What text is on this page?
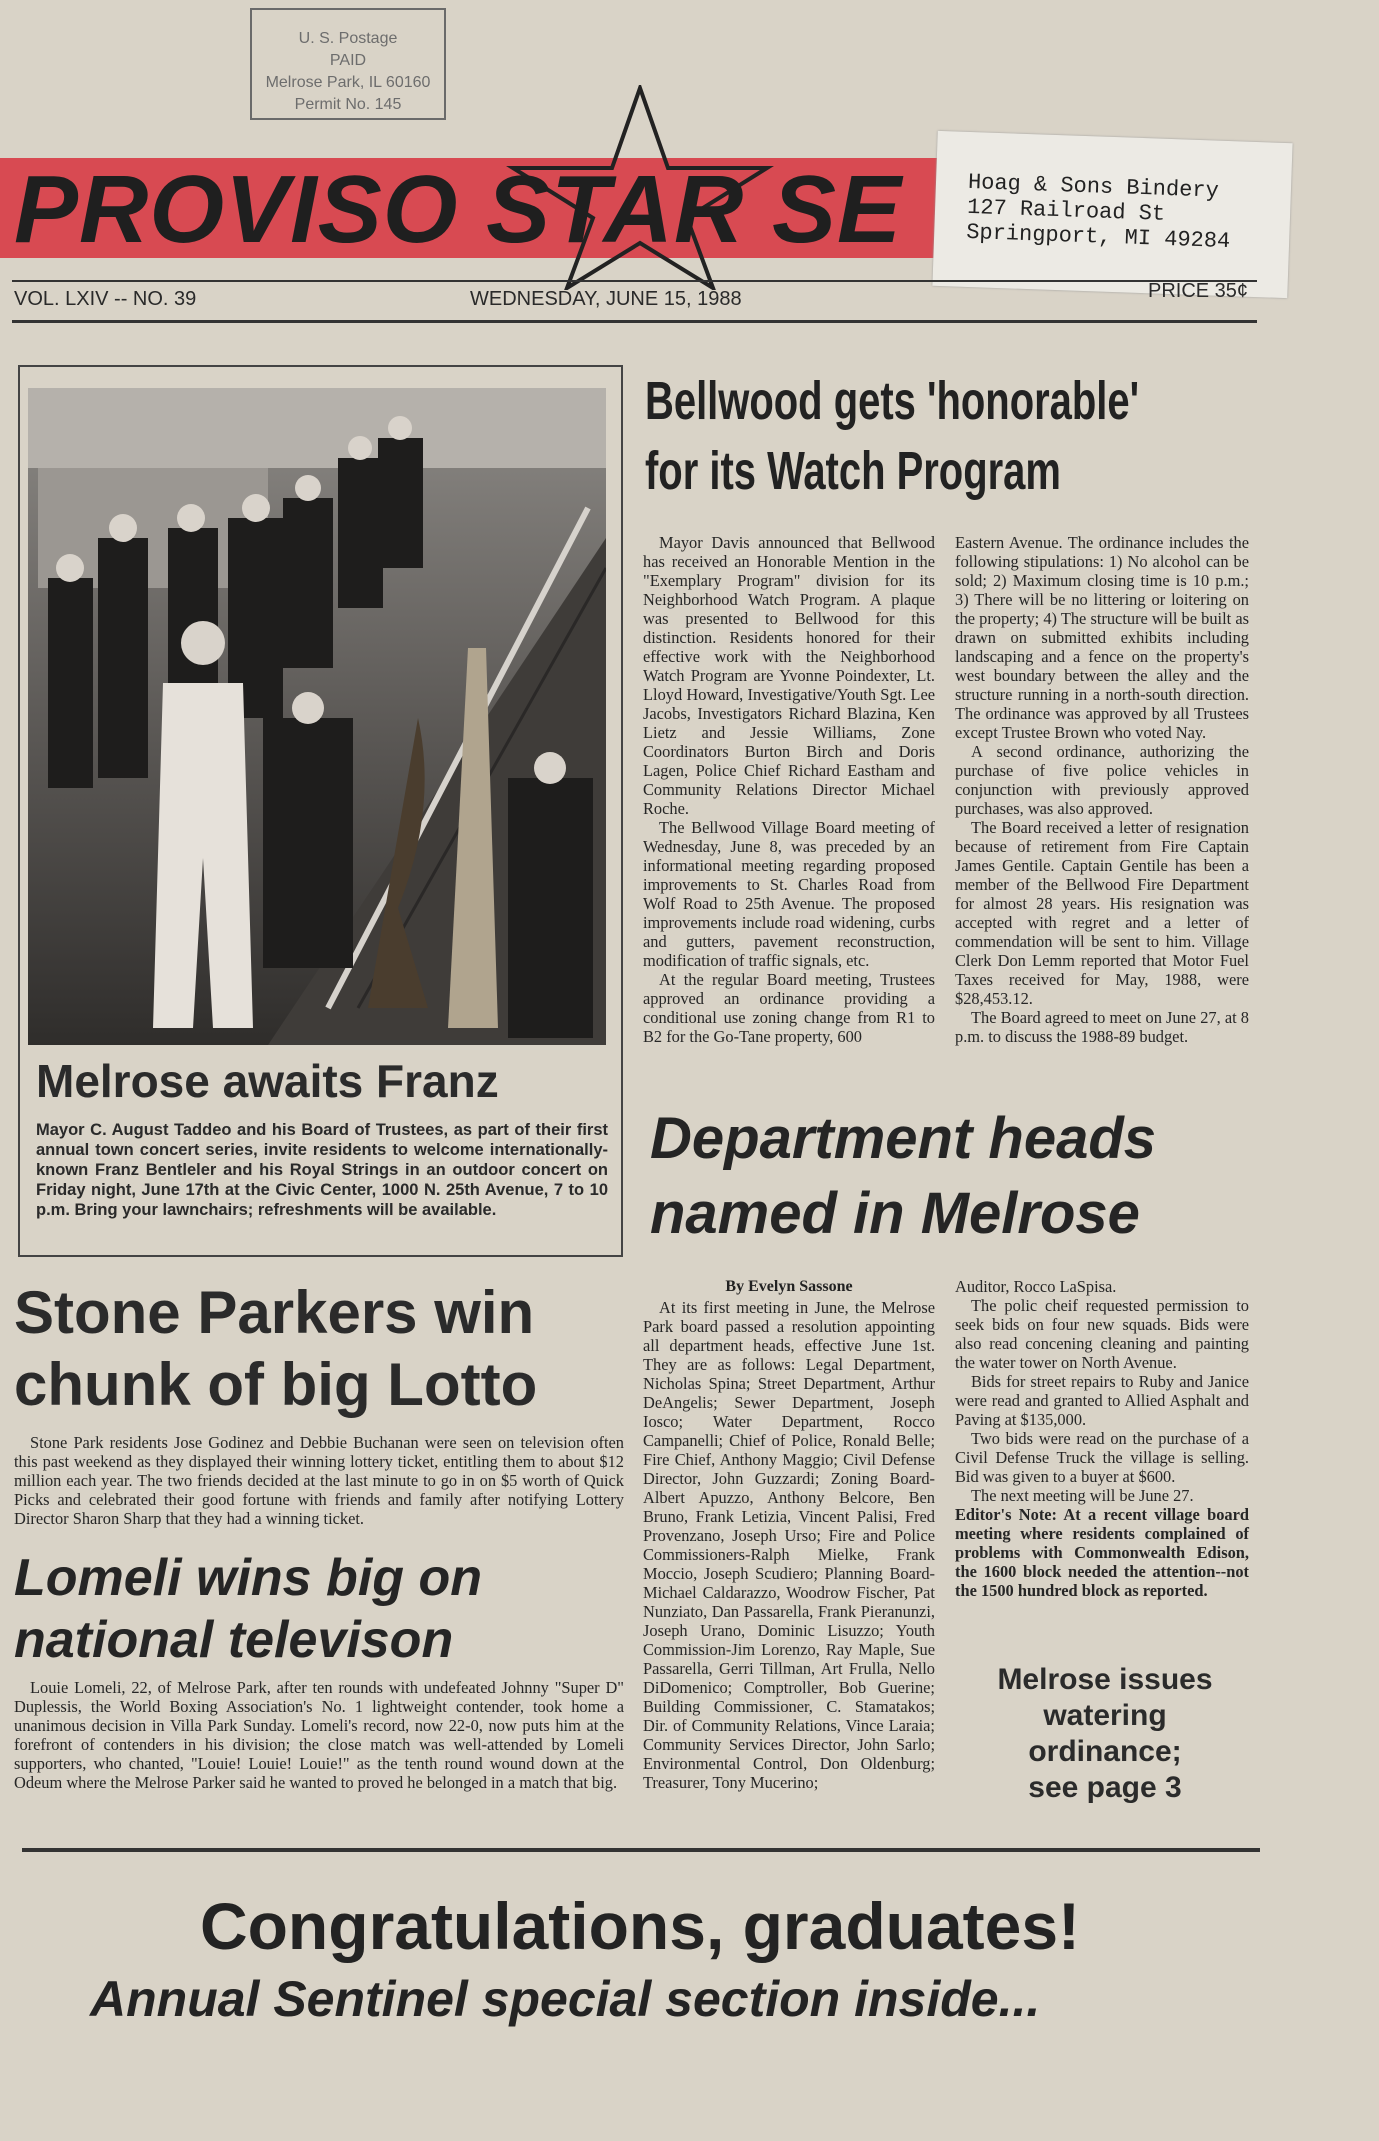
U. S. Postage
PAID
Melrose Park, IL 60160
Permit No. 145
PROVISO STAR SE	Hoag & Sons Bindery
127 Railroad St
Springport, MI 49284
VOL. LXIV -- NO. 39	WEDNESDAY, JUNE 15, 1988	PRICE 35¢
Melrose awaits Franz
Mayor C. August Taddeo and his Board of Trustees, as part of their first annual town concert series, invite residents to welcome internationally-known Franz Bentleler and his Royal Strings in an outdoor concert on Friday night, June 17th at the Civic Center, 1000 N. 25th Avenue, 7 to 10 p.m. Bring your lawnchairs; refreshments will be available.
Bellwood gets 'honorable'
for its Watch Program

Mayor Davis announced that Bellwood has received an Honorable Mention in the "Exemplary Program" division for its Neighborhood Watch Program. A plaque was presented to Bellwood for this distinction. Residents honored for their effective work with the Neighborhood Watch Program are Yvonne Poindexter, Lt. Lloyd Howard, Investigative/Youth Sgt. Lee Jacobs, Investigators Richard Blazina, Ken Lietz and Jessie Williams, Zone Coordinators Burton Birch and Doris Lagen, Police Chief Richard Eastham and Community Relations Director Michael Roche.

The Bellwood Village Board meeting of Wednesday, June 8, was preceded by an informational meeting regarding proposed improvements to St. Charles Road from Wolf Road to 25th Avenue. The proposed improvements include road widening, curbs and gutters, pavement reconstruction, modification of traffic signals, etc.

At the regular Board meeting, Trustees approved an ordinance providing a conditional use zoning change from R1 to B2 for the Go-Tane property, 600

Eastern Avenue. The ordinance includes the following stipulations: 1) No alcohol can be sold; 2) Maximum closing time is 10 p.m.; 3) There will be no littering or loitering on the property; 4) The structure will be built as drawn on submitted exhibits including landscaping and a fence on the property's west boundary between the alley and the structure running in a north-south direction. The ordinance was approved by all Trustees except Trustee Brown who voted Nay.

A second ordinance, authorizing the purchase of five police vehicles in conjunction with previously approved purchases, was also approved.

The Board received a letter of resignation because of retirement from Fire Captain James Gentile. Captain Gentile has been a member of the Bellwood Fire Department for almost 28 years. His resignation was accepted with regret and a letter of commendation will be sent to him. Village Clerk Don Lemm reported that Motor Fuel Taxes received for May, 1988, were $28,453.12.

The Board agreed to meet on June 27, at 8 p.m. to discuss the 1988-89 budget.

Department heads
named in Melrose
By Evelyn Sassone

At its first meeting in June, the Melrose Park board passed a resolution appointing all department heads, effective June 1st. They are as follows: Legal Department, Nicholas Spina; Street Department, Arthur DeAngelis; Sewer Department, Joseph Iosco; Water Department, Rocco Campanelli; Chief of Police, Ronald Belle; Fire Chief, Anthony Maggio; Civil Defense Director, John Guzzardi; Zoning Board-Albert Apuzzo, Anthony Belcore, Ben Bruno, Frank Letizia, Vincent Palisi, Fred Provenzano, Joseph Urso; Fire and Police Commissioners-Ralph Mielke, Frank Moccio, Joseph Scudiero; Planning Board-Michael Caldarazzo, Woodrow Fischer, Pat Nunziato, Dan Passarella, Frank Pieranunzi, Joseph Urano, Dominic Lisuzzo; Youth Commission-Jim Lorenzo, Ray Maple, Sue Passarella, Gerri Tillman, Art Frulla, Nello DiDomenico; Comptroller, Bob Guerine; Building Commissioner, C. Stamatakos; Dir. of Community Relations, Vince Laraia; Community Services Director, John Sarlo; Environmental Control, Don Oldenburg; Treasurer, Tony Mucerino;

Auditor, Rocco LaSpisa.

The polic cheif requested permission to seek bids on four new squads. Bids were also read concening cleaning and painting the water tower on North Avenue.

Bids for street repairs to Ruby and Janice were read and granted to Allied Asphalt and Paving at $135,000.

Two bids were read on the purchase of a Civil Defense Truck the village is selling. Bid was given to a buyer at $600.

The next meeting will be June 27.

Editor's Note: At a recent village board meeting where residents complained of problems with Commonwealth Edison, the 1600 block needed the attention--not the 1500 hundred block as reported.

Melrose issues
watering
ordinance;
see page 3
Stone Parkers win
chunk of big Lotto

Stone Park residents Jose Godinez and Debbie Buchanan were seen on television often this past weekend as they displayed their winning lottery ticket, entitling them to about $12 million each year. The two friends decided at the last minute to go in on $5 worth of Quick Picks and celebrated their good fortune with friends and family after notifying Lottery Director Sharon Sharp that they had a winning ticket.

Lomeli wins big on
national televison

Louie Lomeli, 22, of Melrose Park, after ten rounds with undefeated Johnny "Super D" Duplessis, the World Boxing Association's No. 1 lightweight contender, took home a unanimous decision in Villa Park Sunday. Lomeli's record, now 22-0, now puts him at the forefront of contenders in his division; the close match was well-attended by Lomeli supporters, who chanted, "Louie! Louie! Louie!" as the tenth round wound down at the Odeum where the Melrose Parker said he wanted to proved he belonged in a match that big.

Congratulations, graduates!
Annual Sentinel special section inside...
